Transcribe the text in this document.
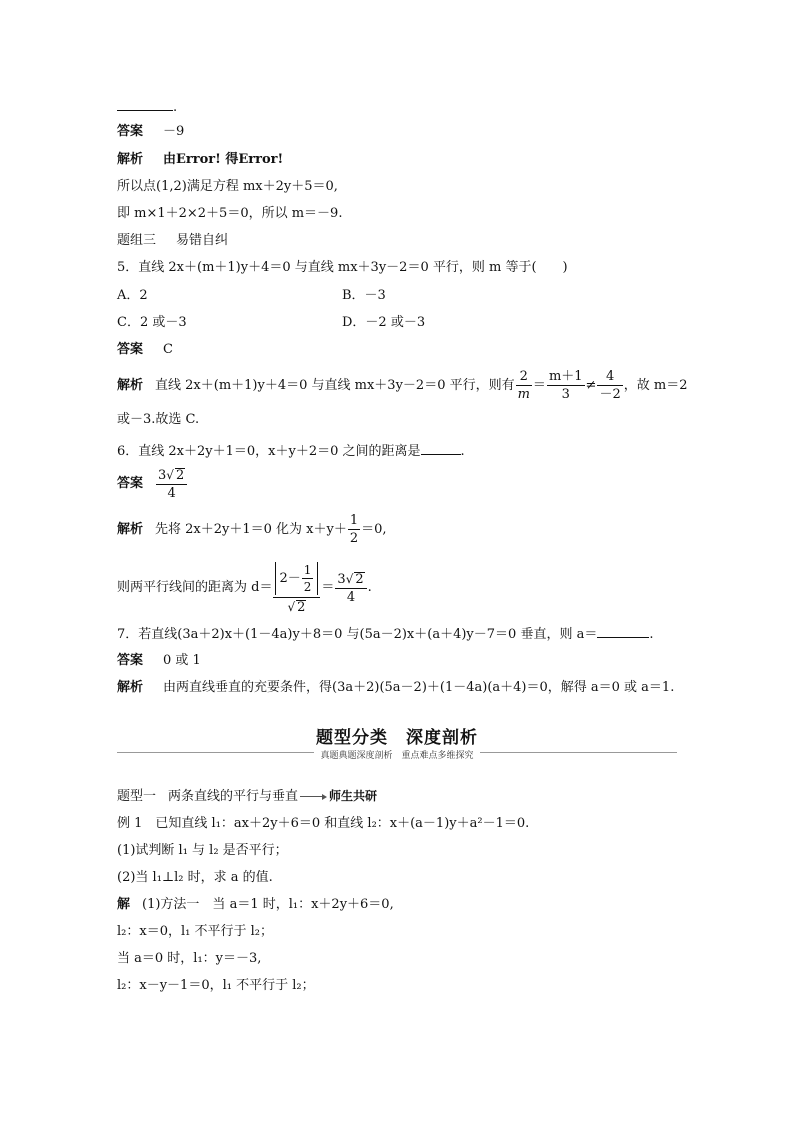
.
答案 －9
解析 由Error! 得Error!
所以点(1,2)满足方程 mx＋2y＋5＝0,
即 m×1＋2×2＋5＝0，所以 m＝－9.
题组三 易错自纠
5．直线 2x＋(m＋1)y＋4＝0 与直线 mx＋3y－2＝0 平行，则 m 等于(　　)
A．2	B．－3
C．2 或－3	D．－2 或－3
答案 C
解析 直线 2x＋(m＋1)y＋4＝0 与直线 mx＋3y－2＝0 平行，则有 $\frac{2}{m} = \frac{m+1}{3} \ne \frac{4}{-2}$ ，故 m＝2
或－3.故选 C.
6．直线 2x＋2y＋1＝0，x＋y＋2＝0 之间的距离是	.
答案 $\frac{3√ 2}{4}$
解析 先将 2x＋2y＋1＝0 化为 $x+y+ \frac{1}{2} =0$,
则两平行线间的距离为 $d= \frac{2- \frac{1}{2}}{√ 2} = \frac{3√ 2}{4}$ .
7．若直线(3a＋2)x＋(1－4a)y＋8＝0 与(5a－2)x＋(a＋4)y－7＝0 垂直，则 a＝	.
答案 0 或 1
解析 由两直线垂直的充要条件，得(3a＋2)(5a－2)＋(1－4a)(a＋4)＝0，解得 a＝0 或 a＝1.
题型分类　深度剖析
真题典题深度剖析　重点难点多维探究
题型一 两条直线的平行与垂直	师生共研
例 1　已知直线 l₁：ax＋2y＋6＝0 和直线 l₂：x＋(a－1)y＋a²－1＝0.
(1)试判断 l₁ 与 l₂ 是否平行；
(2)当 l₁⊥l₂ 时，求 a 的值.
解 (1)方法一　当 a＝1 时，l₁：x＋2y＋6＝0,
l₂：x＝0，l₁ 不平行于 l₂；
当 a＝0 时，l₁：y＝－3,
l₂：x－y－1＝0，l₁ 不平行于 l₂；
